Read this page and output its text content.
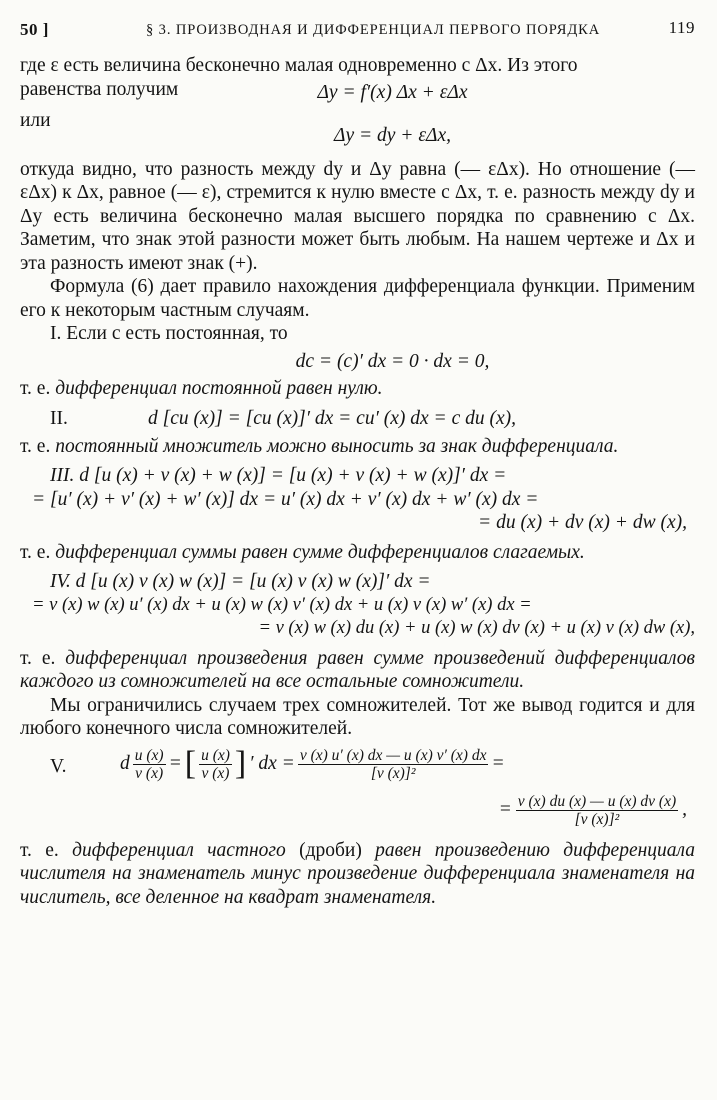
50 ]	§ 3. ПРОИЗВОДНАЯ И ДИФФЕРЕНЦИАЛ ПЕРВОГО ПОРЯДКА	119

где ε есть величина бесконечно малая одновременно с Δx. Из этого

равенства получим	Δy = f′(x) Δx + εΔx

или

Δy = dy + εΔx,

откуда видно, что разность между dy и Δy равна (— εΔx). Но отношение (— εΔx) к Δx, равное (— ε), стремится к нулю вместе с Δx, т. е. разность между dy и Δy есть величина бесконечно малая высшего порядка по сравнению с Δx. Заметим, что знак этой разности может быть любым. На нашем чертеже и Δx и эта разность имеют знак (+).

Формула (6) дает правило нахождения дифференциала функции. Применим его к некоторым частным случаям.

I. Если c есть постоянная, то

dc = (c)′ dx = 0 · dx = 0,

т. е. дифференциал постоянной равен нулю.

II.	d [cu (x)] = [cu (x)]′ dx = cu′ (x) dx = c du (x),

т. е. постоянный множитель можно выносить за знак дифференциала.

III. d [u (x) + v (x) + w (x)] = [u (x) + v (x) + w (x)]′ dx =
= [u′ (x) + v′ (x) + w′ (x)] dx = u′ (x) dx + v′ (x) dx + w′ (x) dx =
= du (x) + dv (x) + dw (x),

т. е. дифференциал суммы равен сумме дифференциалов слагаемых.

IV. d [u (x) v (x) w (x)] = [u (x) v (x) w (x)]′ dx =
= v (x) w (x) u′ (x) dx + u (x) w (x) v′ (x) dx + u (x) v (x) w′ (x) dx =
= v (x) w (x) du (x) + u (x) w (x) dv (x) + u (x) v (x) dw (x),

т. е. дифференциал произведения равен сумме произведений дифференциалов каждого из сомножителей на все остальные сомножители.

Мы ограничились случаем трех сомножителей. Тот же вывод годится и для любого конечного числа сомножителей.

V.	d $\frac{u (x)}{v (x)}$ = [ $\frac{u (x)}{v (x)}$ ] ′ dx = $\frac{v (x) u' (x) dx — u (x) v' (x) dx}{\text{[v (x)]²}}$ =
= $\frac{v (x) du (x) — u (x) dv (x)}{\text{[v (x)]²}}$ ,

т. е. дифференциал частного (дроби) равен произведению дифференциала числителя на знаменатель минус произведение дифференциала знаменателя на числитель, все деленное на квадрат знаменателя.
